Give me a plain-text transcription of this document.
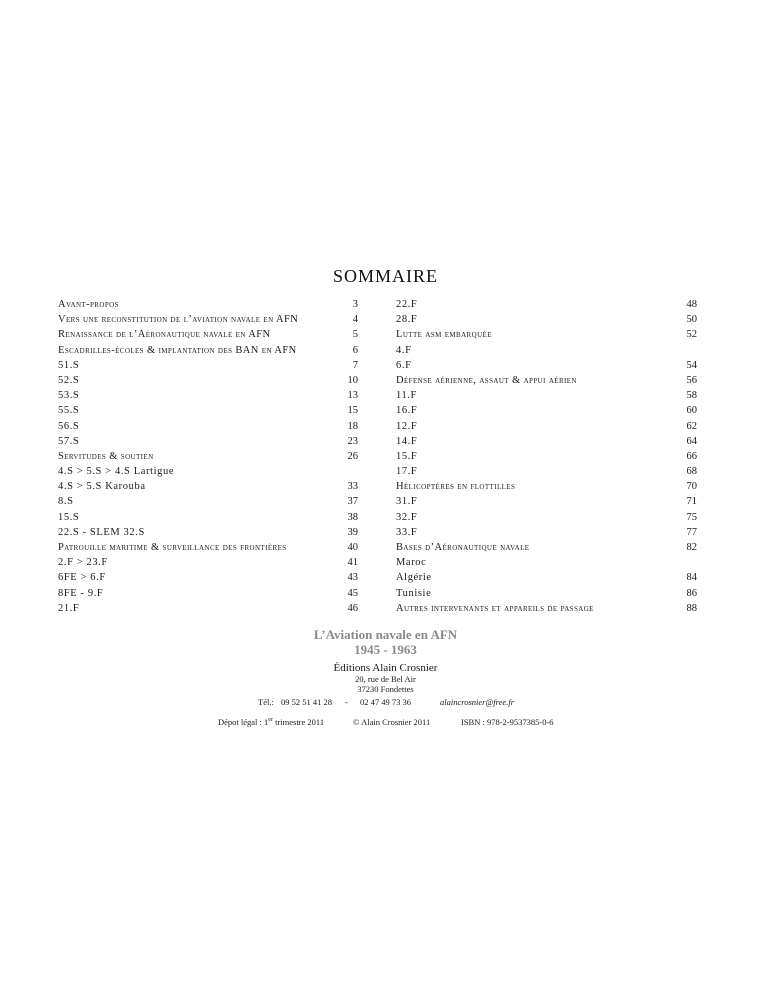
SOMMAIRE
Avant-propos	3
Vers une reconstitution de l’aviation navale en AFN	4
Renaissance de l’Aéronautique navale en AFN	5
Escadrilles-écoles & implantation des BAN en AFN	6
51.S	7
52.S	10
53.S	13
55.S	15
56.S	18
57.S	23
Servitudes & soutien	26
4.S > 5.S > 4.S Lartigue
4.S > 5.S Karouba	33
8.S	37
15.S	38
22.S - SLEM 32.S	39
Patrouille maritime & surveillance des frontières	40
2.F > 23.F	41
6FE > 6.F	43
8FE - 9.F	45
21.F	46
22.F	48
28.F	50
Lutte asm embarquée	52
4.F
6.F	54
Défense aérienne, assaut & appui aérien	56
11.F	58
16.F	60
12.F	62
14.F	64
15.F	66
17.F	68
Hélicoptères en flottilles	70
31.F	71
32.F	75
33.F	77
Bases d’Aéronautique navale	82
Maroc
Algérie	84
Tunisie	86
Autres intervenants et appareils de passage	88
L’Aviation navale en AFN
1945 - 1963
Éditions Alain Crosnier
20, rue de Bel Air
37230 Fondettes
Tél.: 09 52 51 41 28 - 02 47 49 73 36	alaincrosnier@free.fr
Dépot légal : 1er trimestre 2011	© Alain Crosnier 2011	ISBN : 978-2-9537385-0-6
